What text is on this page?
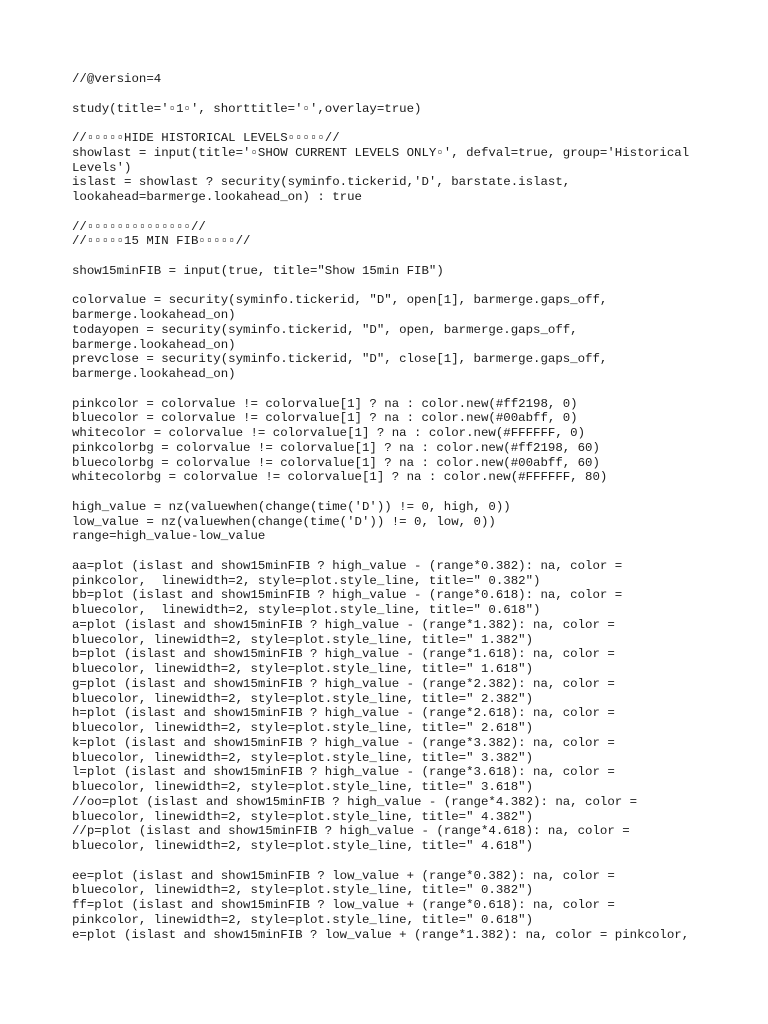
//@version=4
study(title='▫1▫', shorttitle='▫',overlay=true)
//▫▫▫▫▫HIDE HISTORICAL LEVELS▫▫▫▫▫//
showlast = input(title='▫SHOW CURRENT LEVELS ONLY▫', defval=true, group='Historical
Levels')
islast = showlast ? security(syminfo.tickerid,'D', barstate.islast,
lookahead=barmerge.lookahead_on) : true
//▫▫▫▫▫▫▫▫▫▫▫▫▫▫//
//▫▫▫▫▫15 MIN FIB▫▫▫▫▫//
show15minFIB = input(true, title="Show 15min FIB")
colorvalue = security(syminfo.tickerid, "D", open[1], barmerge.gaps_off,
barmerge.lookahead_on)
todayopen = security(syminfo.tickerid, "D", open, barmerge.gaps_off,
barmerge.lookahead_on)
prevclose = security(syminfo.tickerid, "D", close[1], barmerge.gaps_off,
barmerge.lookahead_on)
pinkcolor = colorvalue != colorvalue[1] ? na : color.new(#ff2198, 0)
bluecolor = colorvalue != colorvalue[1] ? na : color.new(#00abff, 0)
whitecolor = colorvalue != colorvalue[1] ? na : color.new(#FFFFFF, 0)
pinkcolorbg = colorvalue != colorvalue[1] ? na : color.new(#ff2198, 60)
bluecolorbg = colorvalue != colorvalue[1] ? na : color.new(#00abff, 60)
whitecolorbg = colorvalue != colorvalue[1] ? na : color.new(#FFFFFF, 80)
high_value = nz(valuewhen(change(time('D')) != 0, high, 0))
low_value = nz(valuewhen(change(time('D')) != 0, low, 0))
range=high_value-low_value
aa=plot (islast and show15minFIB ? high_value - (range*0.382): na, color =
pinkcolor,  linewidth=2, style=plot.style_line, title=" 0.382")
bb=plot (islast and show15minFIB ? high_value - (range*0.618): na, color =
bluecolor,  linewidth=2, style=plot.style_line, title=" 0.618")
a=plot (islast and show15minFIB ? high_value - (range*1.382): na, color =
bluecolor, linewidth=2, style=plot.style_line, title=" 1.382")
b=plot (islast and show15minFIB ? high_value - (range*1.618): na, color =
bluecolor, linewidth=2, style=plot.style_line, title=" 1.618")
g=plot (islast and show15minFIB ? high_value - (range*2.382): na, color =
bluecolor, linewidth=2, style=plot.style_line, title=" 2.382")
h=plot (islast and show15minFIB ? high_value - (range*2.618): na, color =
bluecolor, linewidth=2, style=plot.style_line, title=" 2.618")
k=plot (islast and show15minFIB ? high_value - (range*3.382): na, color =
bluecolor, linewidth=2, style=plot.style_line, title=" 3.382")
l=plot (islast and show15minFIB ? high_value - (range*3.618): na, color =
bluecolor, linewidth=2, style=plot.style_line, title=" 3.618")
//oo=plot (islast and show15minFIB ? high_value - (range*4.382): na, color =
bluecolor, linewidth=2, style=plot.style_line, title=" 4.382")
//p=plot (islast and show15minFIB ? high_value - (range*4.618): na, color =
bluecolor, linewidth=2, style=plot.style_line, title=" 4.618")
ee=plot (islast and show15minFIB ? low_value + (range*0.382): na, color =
bluecolor, linewidth=2, style=plot.style_line, title=" 0.382")
ff=plot (islast and show15minFIB ? low_value + (range*0.618): na, color =
pinkcolor, linewidth=2, style=plot.style_line, title=" 0.618")
e=plot (islast and show15minFIB ? low_value + (range*1.382): na, color = pinkcolor,
